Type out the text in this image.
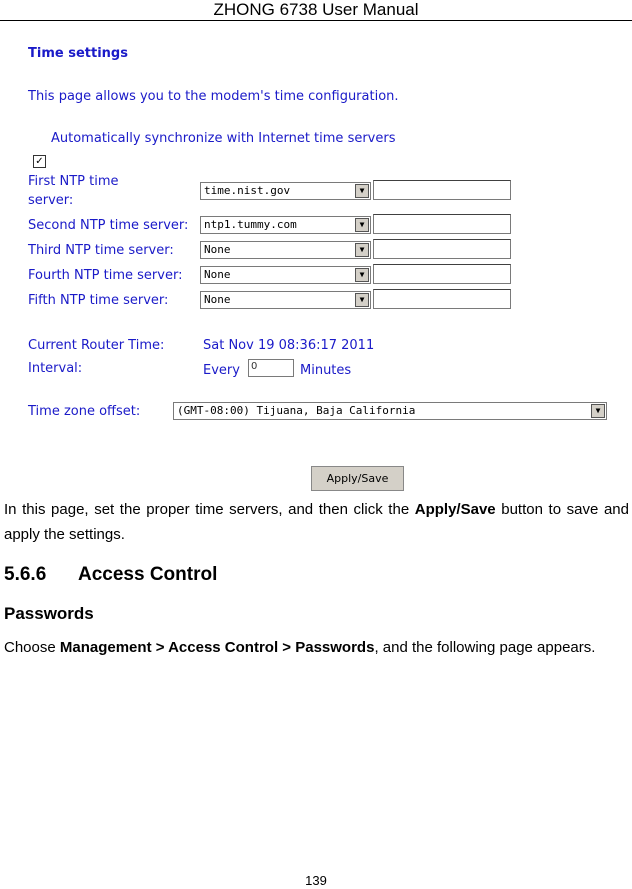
ZHONG 6738 User Manual
Time settings
This page allows you to the modem's time configuration.
✓
Automatically synchronize with Internet time servers
First NTP time
server:
time.nist.gov	▼
Second NTP time server:	ntp1.tummy.com	▼
Third NTP time server:	None	▼
Fourth NTP time server:	None	▼
Fifth NTP time server:	None	▼
Current Router Time:	Sat Nov 19 08:36:17 2011
Interval:	Every	0	Minutes
Time zone offset:	(GMT-08:00) Tijuana, Baja California	▼
Apply/Save
In this page, set the proper time servers, and then click the Apply/Save button to save and apply the settings.
5.6.6 Access Control
Passwords
Choose Management > Access Control > Passwords, and the following page appears.
139
